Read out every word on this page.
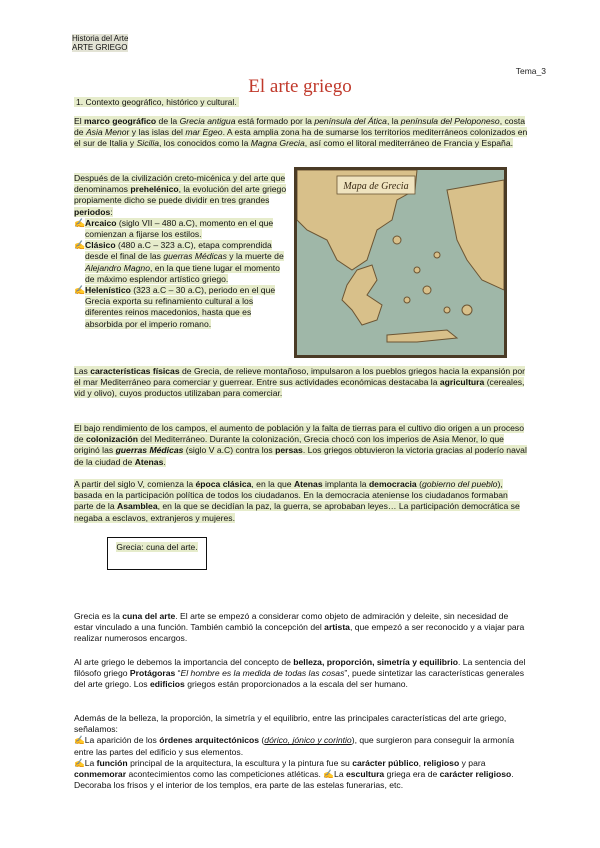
Historia del Arte
ARTE GRIEGO
Tema_3
El arte griego
1. Contexto geográfico, histórico y cultural.

El marco geográfico de la Grecia antigua está formado por la península del Ática, la península del Peloponeso, costa de Asia Menor y las islas del mar Egeo. A esta amplia zona ha de sumarse los territorios mediterráneos colonizados en el sur de Italia y Sicilia, los conocidos como la Magna Grecia, así como el litoral mediterráneo de Francia y España.

Después de la civilización creto-micénica y del arte que denominamos prehelénico, la evolución del arte griego propiamente dicho se puede dividir en tres grandes periodos:

✍ Arcaico (siglo VII – 480 a.C), momento en el que comienzan a fijarse los estilos.

✍ Clásico (480 a.C – 323 a.C), etapa comprendida desde el final de las guerras Médicas y la muerte de Alejandro Magno, en la que tiene lugar el momento de máximo esplendor artístico griego.

✍ Helenístico (323 a.C – 30 a.C), periodo en el que Grecia exporta su refinamiento cultural a los diferentes reinos macedonios, hasta que es absorbida por el imperio romano.

Mapa de Grecia

Las características físicas de Grecia, de relieve montañoso, impulsaron a los pueblos griegos hacia la expansión por el mar Mediterráneo para comerciar y guerrear. Entre sus actividades económicas destacaba la agricultura (cereales, vid y olivo), cuyos productos utilizaban para comerciar.

El bajo rendimiento de los campos, el aumento de población y la falta de tierras para el cultivo dio origen a un proceso de colonización del Mediterráneo. Durante la colonización, Grecia chocó con los imperios de Asia Menor, lo que originó las guerras Médicas (siglo V a.C) contra los persas. Los griegos obtuvieron la victoria gracias al poderío naval de la ciudad de Atenas.

A partir del siglo V, comienza la época clásica, en la que Atenas implanta la democracia (gobierno del pueblo), basada en la participación política de todos los ciudadanos. En la democracia ateniense los ciudadanos formaban parte de la Asamblea, en la que se decidían la paz, la guerra, se aprobaban leyes… La participación democrática se negaba a esclavos, extranjeros y mujeres.

Grecia: cuna del arte.

Grecia es la cuna del arte. El arte se empezó a considerar como objeto de admiración y deleite, sin necesidad de estar vinculado a una función. También cambió la concepción del artista, que empezó a ser reconocido y a viajar para realizar numerosos encargos.

Al arte griego le debemos la importancia del concepto de belleza, proporción, simetría y equilibrio. La sentencia del filósofo griego Protágoras “El hombre es la medida de todas las cosas”, puede sintetizar las características generales del arte griego. Los edificios griegos están proporcionados a la escala del ser humano.

Además de la belleza, la proporción, la simetría y el equilibrio, entre las principales características del arte griego, señalamos:

✍La aparición de los órdenes arquitectónicos (dórico, jónico y corintio), que surgieron para conseguir la armonía entre las partes del edificio y sus elementos.

✍La función principal de la arquitectura, la escultura y la pintura fue su carácter público, religioso y para conmemorar acontecimientos como las competiciones atléticas. ✍La escultura griega era de carácter religioso. Decoraba los frisos y el interior de los templos, era parte de las estelas funerarias, etc.
